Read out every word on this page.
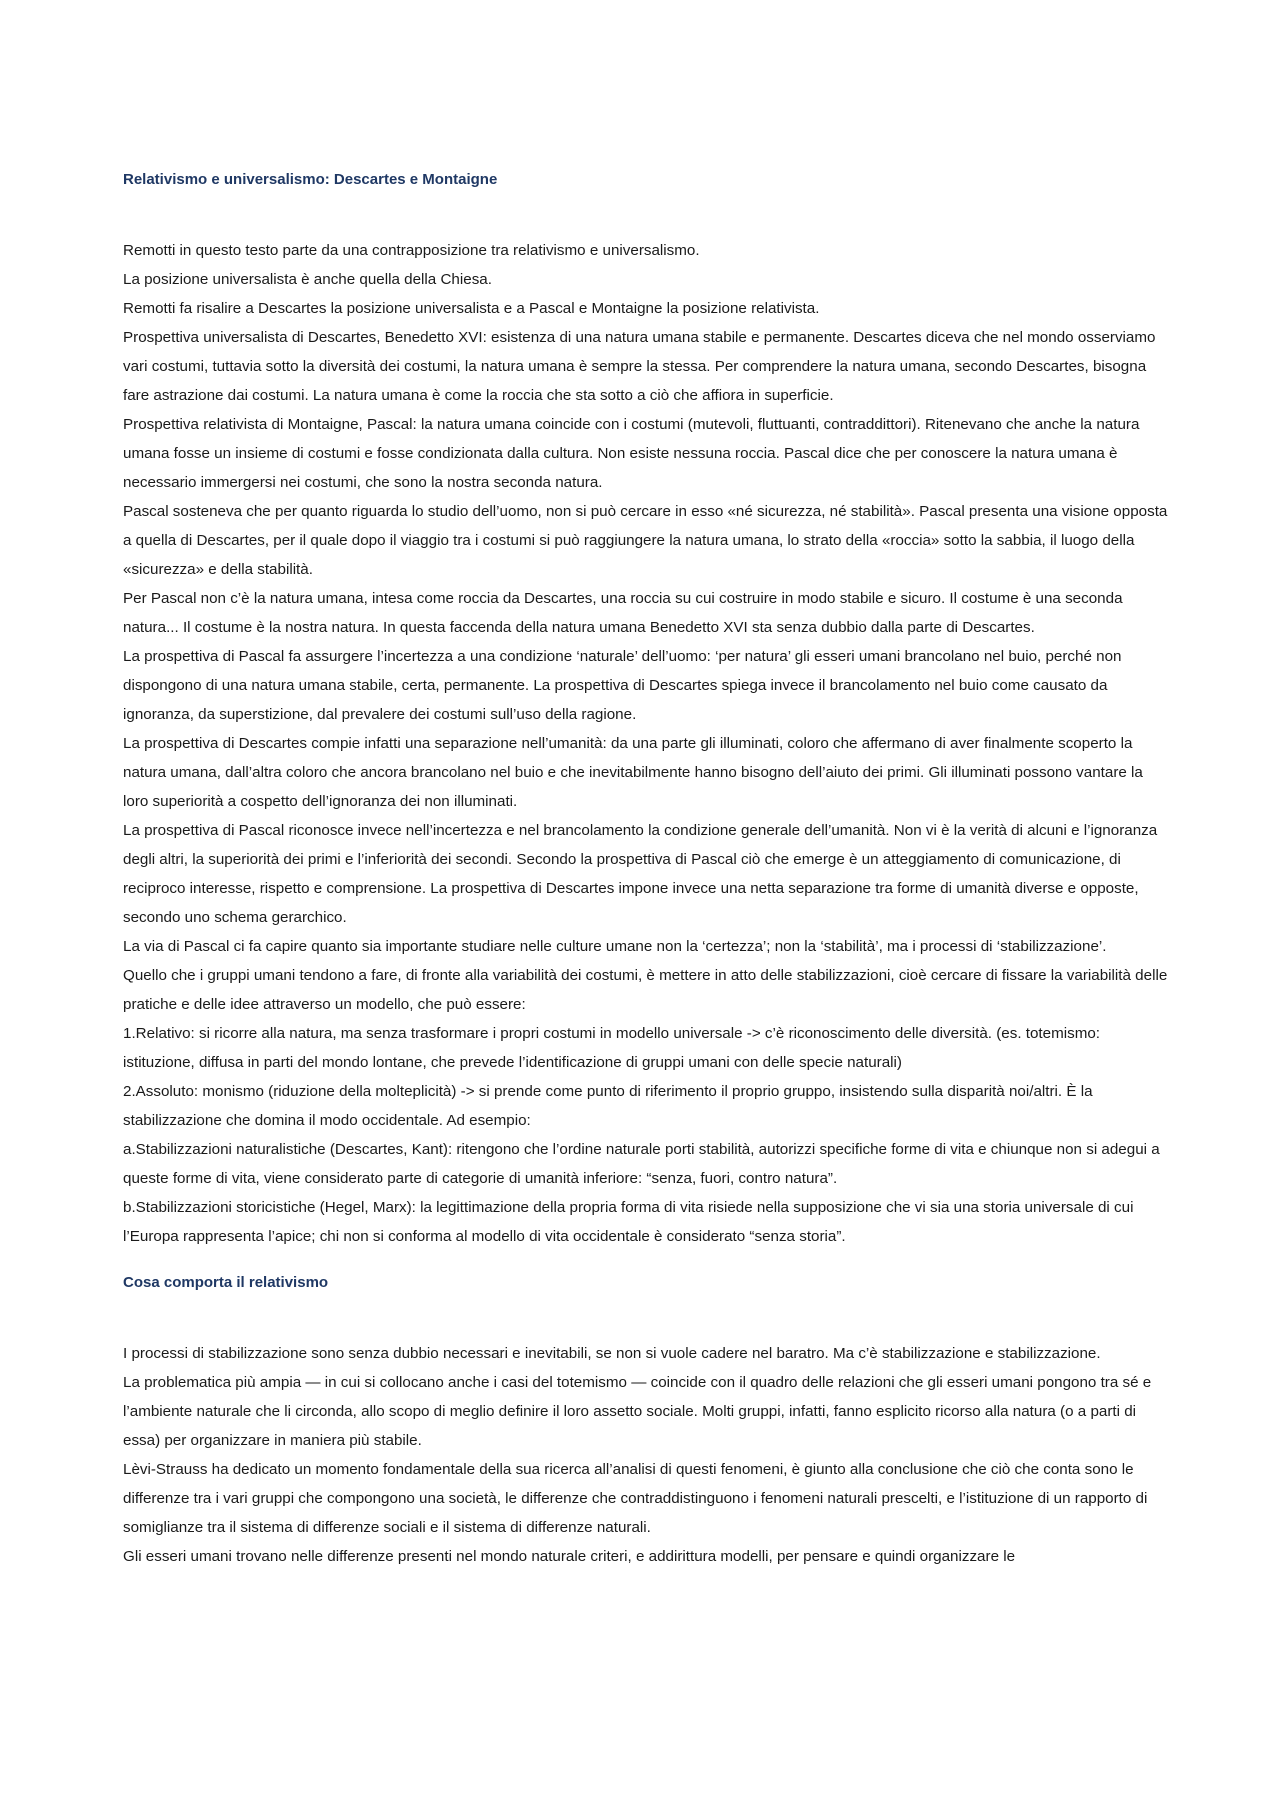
Relativismo e universalismo: Descartes e Montaigne

Remotti in questo testo parte da una contrapposizione tra relativismo e universalismo.

La posizione universalista è anche quella della Chiesa.

Remotti fa risalire a Descartes la posizione universalista e a Pascal e Montaigne la posizione relativista.

Prospettiva universalista di Descartes, Benedetto XVI: esistenza di una natura umana stabile e permanente. Descartes diceva che nel mondo osserviamo vari costumi, tuttavia sotto la diversità dei costumi, la natura umana è sempre la stessa. Per comprendere la natura umana, secondo Descartes, bisogna fare astrazione dai costumi. La natura umana è come la roccia che sta sotto a ciò che affiora in superficie.

Prospettiva relativista di Montaigne, Pascal: la natura umana coincide con i costumi (mutevoli, fluttuanti, contraddittori). Ritenevano che anche la natura umana fosse un insieme di costumi e fosse condizionata dalla cultura. Non esiste nessuna roccia. Pascal dice che per conoscere la natura umana è necessario immergersi nei costumi, che sono la nostra seconda natura.

Pascal sosteneva che per quanto riguarda lo studio dell’uomo, non si può cercare in esso «né sicurezza, né stabilità». Pascal presenta una visione opposta a quella di Descartes, per il quale dopo il viaggio tra i costumi si può raggiungere la natura umana, lo strato della «roccia» sotto la sabbia, il luogo della «sicurezza» e della stabilità.

Per Pascal non c’è la natura umana, intesa come roccia da Descartes, una roccia su cui costruire in modo stabile e sicuro. Il costume è una seconda natura... Il costume è la nostra natura. In questa faccenda della natura umana Benedetto XVI sta senza dubbio dalla parte di Descartes.

La prospettiva di Pascal fa assurgere l’incertezza a una condizione ‘naturale’ dell’uomo: ‘per natura’ gli esseri umani brancolano nel buio, perché non dispongono di una natura umana stabile, certa, permanente. La prospettiva di Descartes spiega invece il brancolamento nel buio come causato da ignoranza, da superstizione, dal prevalere dei costumi sull’uso della ragione.

La prospettiva di Descartes compie infatti una separazione nell’umanità: da una parte gli illuminati, coloro che affermano di aver finalmente scoperto la natura umana, dall’altra coloro che ancora brancolano nel buio e che inevitabilmente hanno bisogno dell’aiuto dei primi. Gli illuminati possono vantare la loro superiorità a cospetto dell’ignoranza dei non illuminati.

La prospettiva di Pascal riconosce invece nell’incertezza e nel brancolamento la condizione generale dell’umanità. Non vi è la verità di alcuni e l’ignoranza degli altri, la superiorità dei primi e l’inferiorità dei secondi. Secondo la prospettiva di Pascal ciò che emerge è un atteggiamento di comunicazione, di reciproco interesse, rispetto e comprensione. La prospettiva di Descartes impone invece una netta separazione tra forme di umanità diverse e opposte, secondo uno schema gerarchico.

La via di Pascal ci fa capire quanto sia importante studiare nelle culture umane non la ‘certezza’; non la ‘stabilità’, ma i processi di ‘stabilizzazione’.

Quello che i gruppi umani tendono a fare, di fronte alla variabilità dei costumi, è mettere in atto delle stabilizzazioni, cioè cercare di fissare la variabilità delle pratiche e delle idee attraverso un modello, che può essere:

1.Relativo: si ricorre alla natura, ma senza trasformare i propri costumi in modello universale -> c’è riconoscimento delle diversità. (es. totemismo: istituzione, diffusa in parti del mondo lontane, che prevede l’identificazione di gruppi umani con delle specie naturali)

2.Assoluto: monismo (riduzione della molteplicità) -> si prende come punto di riferimento il proprio gruppo, insistendo sulla disparità noi/altri. È la stabilizzazione che domina il modo occidentale. Ad esempio:

a.Stabilizzazioni naturalistiche (Descartes, Kant): ritengono che l’ordine naturale porti stabilità, autorizzi specifiche forme di vita e chiunque non si adegui a queste forme di vita, viene considerato parte di categorie di umanità inferiore: “senza, fuori, contro natura”.

b.Stabilizzazioni storicistiche (Hegel, Marx): la legittimazione della propria forma di vita risiede nella supposizione che vi sia una storia universale di cui l’Europa rappresenta l’apice; chi non si conforma al modello di vita occidentale è considerato “senza storia”.

Cosa comporta il relativismo

I processi di stabilizzazione sono senza dubbio necessari e inevitabili, se non si vuole cadere nel baratro. Ma c’è stabilizzazione e stabilizzazione.

La problematica più ampia — in cui si collocano anche i casi del totemismo — coincide con il quadro delle relazioni che gli esseri umani pongono tra sé e l’ambiente naturale che li circonda, allo scopo di meglio definire il loro assetto sociale. Molti gruppi, infatti, fanno esplicito ricorso alla natura (o a parti di essa) per organizzare in maniera più stabile.

Lèvi-Strauss ha dedicato un momento fondamentale della sua ricerca all’analisi di questi fenomeni, è giunto alla conclusione che ciò che conta sono le differenze tra i vari gruppi che compongono una società, le differenze che contraddistinguono i fenomeni naturali prescelti, e l’istituzione di un rapporto di somiglianze tra il sistema di differenze sociali e il sistema di differenze naturali.

Gli esseri umani trovano nelle differenze presenti nel mondo naturale criteri, e addirittura modelli, per pensare e quindi organizzare le
